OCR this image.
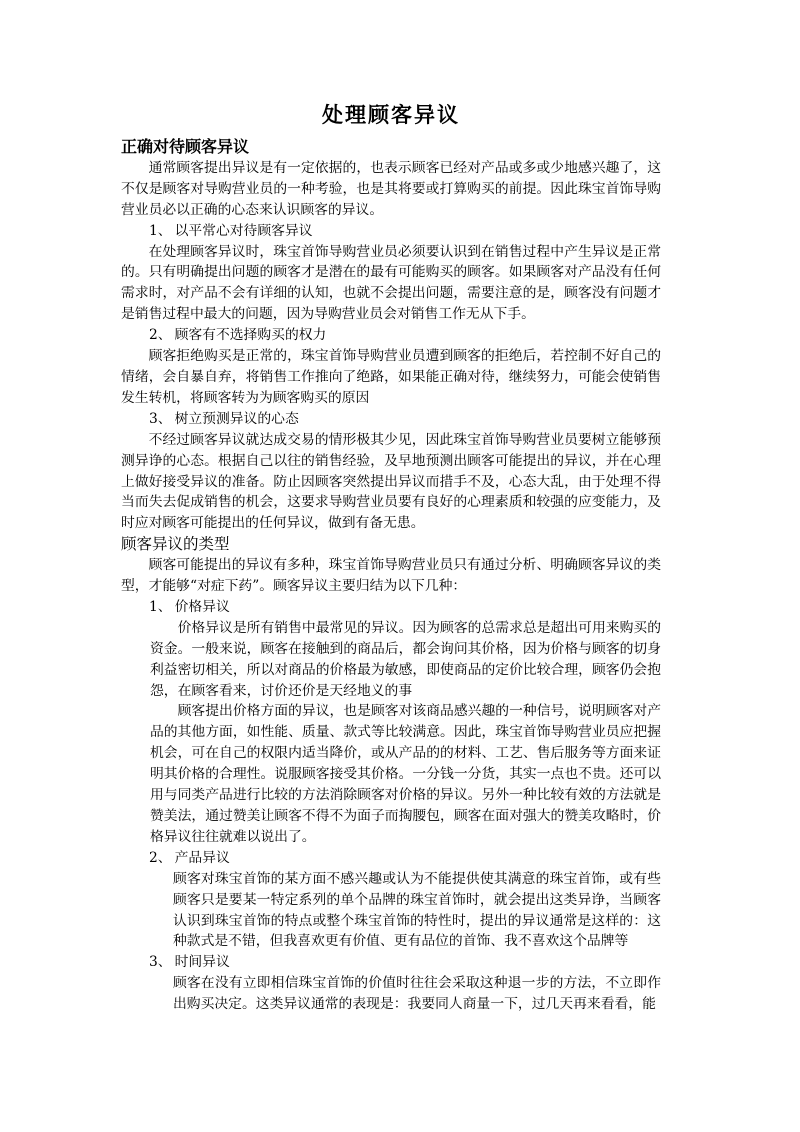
处理顾客异议
正确对待顾客异议

通常顾客提出异议是有一定依据的，也表示顾客已经对产品或多或少地感兴趣了，这不仅是顾客对导购营业员的一种考验，也是其将要或打算购买的前提。因此珠宝首饰导购营业员必以正确的心态来认识顾客的异议。

1、 以平常心对待顾客异议

在处理顾客异议时，珠宝首饰导购营业员必须要认识到在销售过程中产生异议是正常的。只有明确提出问题的顾客才是潜在的最有可能购买的顾客。如果顾客对产品没有任何需求时，对产品不会有详细的认知，也就不会提出问题，需要注意的是，顾客没有问题才是销售过程中最大的问题，因为导购营业员会对销售工作无从下手。

2、 顾客有不选择购买的权力

顾客拒绝购买是正常的，珠宝首饰导购营业员遭到顾客的拒绝后，若控制不好自己的情绪，会自暴自弃，将销售工作推向了绝路，如果能正确对待，继续努力，可能会使销售发生转机，将顾客转为为顾客购买的原因

3、 树立预测异议的心态

不经过顾客异议就达成交易的情形极其少见，因此珠宝首饰导购营业员要树立能够预测异诤的心态。根据自己以往的销售经验，及早地预测出顾客可能提出的异议，并在心理上做好接受异议的准备。防止因顾客突然提出异议而措手不及，心态大乱，由于处理不得当而失去促成销售的机会，这要求导购营业员要有良好的心理素质和较强的应变能力，及时应对顾客可能提出的任何异议，做到有备无患。

顾客异议的类型

顾客可能提出的异议有多种，珠宝首饰导购营业员只有通过分析、明确顾客异议的类型，才能够“对症下药”。顾客异议主要归结为以下几种：

1、 价格异议

价格异议是所有销售中最常见的异议。因为顾客的总需求总是超出可用来购买的资金。一般来说，顾客在接触到的商品后，都会询问其价格，因为价格与顾客的切身利益密切相关，所以对商品的价格最为敏感，即使商品的定价比较合理，顾客仍会抱怨，在顾客看来，讨价还价是天经地义的事

顾客提出价格方面的异议，也是顾客对该商品感兴趣的一种信号，说明顾客对产品的其他方面，如性能、质量、款式等比较满意。因此，珠宝首饰导购营业员应把握机会，可在自己的权限内适当降价，或从产品的的材料、工艺、售后服务等方面来证明其价格的合理性。说服顾客接受其价格。一分钱一分货，其实一点也不贵。还可以用与同类产品进行比较的方法消除顾客对价格的异议。另外一种比较有效的方法就是赞美法，通过赞美让顾客不得不为面子而掏腰包，顾客在面对强大的赞美攻略时，价格异议往往就难以说出了。

2、 产品异议

顾客对珠宝首饰的某方面不感兴趣或认为不能提供使其满意的珠宝首饰，或有些顾客只是要某一特定系列的单个品牌的珠宝首饰时，就会提出这类异诤，当顾客认识到珠宝首饰的特点或整个珠宝首饰的特性时，提出的异议通常是这样的：这种款式是不错，但我喜欢更有价值、更有品位的首饰、我不喜欢这个品牌等

3、 时间异议

顾客在没有立即相信珠宝首饰的价值时往往会采取这种退一步的方法，不立即作出购买决定。这类异议通常的表现是：我要同人商量一下，过几天再来看看，能
